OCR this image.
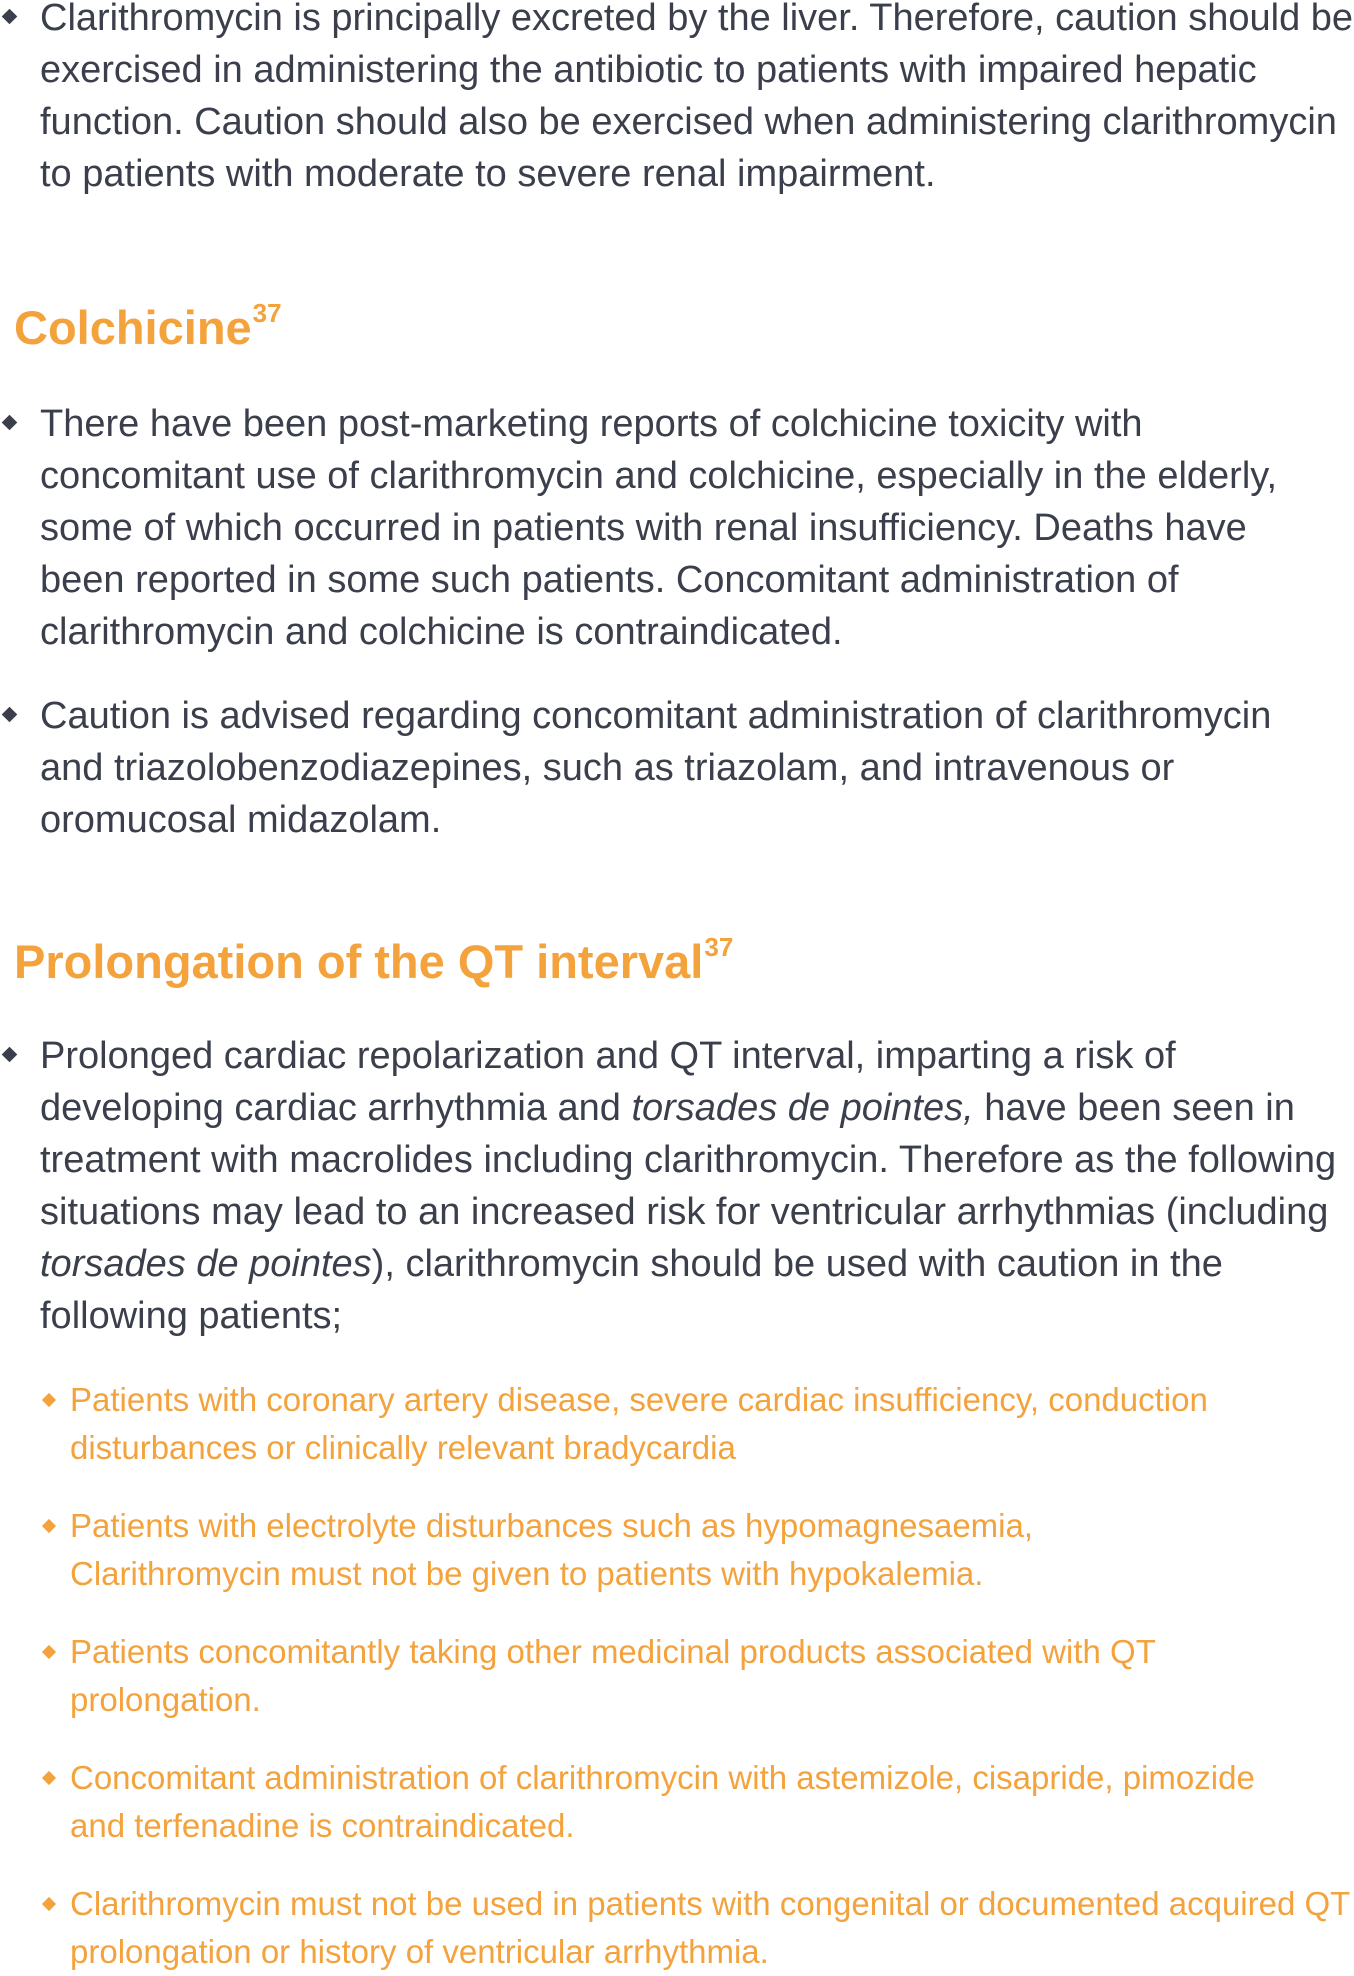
Clarithromycin is principally excreted by the liver. Therefore, caution should be exercised in administering the antibiotic to patients with impaired hepatic function. Caution should also be exercised when administering clarithromycin to patients with moderate to severe renal impairment.
Colchicine$^{37}$
There have been post-marketing reports of colchicine toxicity with concomitant use of clarithromycin and colchicine, especially in the elderly, some of which occurred in patients with renal insufficiency. Deaths have been reported in some such patients. Concomitant administration of clarithromycin and colchicine is contraindicated.
Caution is advised regarding concomitant administration of clarithromycin and triazolobenzodiazepines, such as triazolam, and intravenous or oromucosal midazolam.
Prolongation of the QT interval$^{37}$
Prolonged cardiac repolarization and QT interval, imparting a risk of developing cardiac arrhythmia and torsades de pointes, have been seen in treatment with macrolides including clarithromycin. Therefore as the following situations may lead to an increased risk for ventricular arrhythmias (including torsades de pointes), clarithromycin should be used with caution in the following patients;
Patients with coronary artery disease, severe cardiac insufficiency, conduction disturbances or clinically relevant bradycardia
Patients with electrolyte disturbances such as hypomagnesaemia, Clarithromycin must not be given to patients with hypokalemia.
Patients concomitantly taking other medicinal products associated with QT prolongation.
Concomitant administration of clarithromycin with astemizole, cisapride, pimozide and terfenadine is contraindicated.
Clarithromycin must not be used in patients with congenital or documented acquired QT prolongation or history of ventricular arrhythmia.
